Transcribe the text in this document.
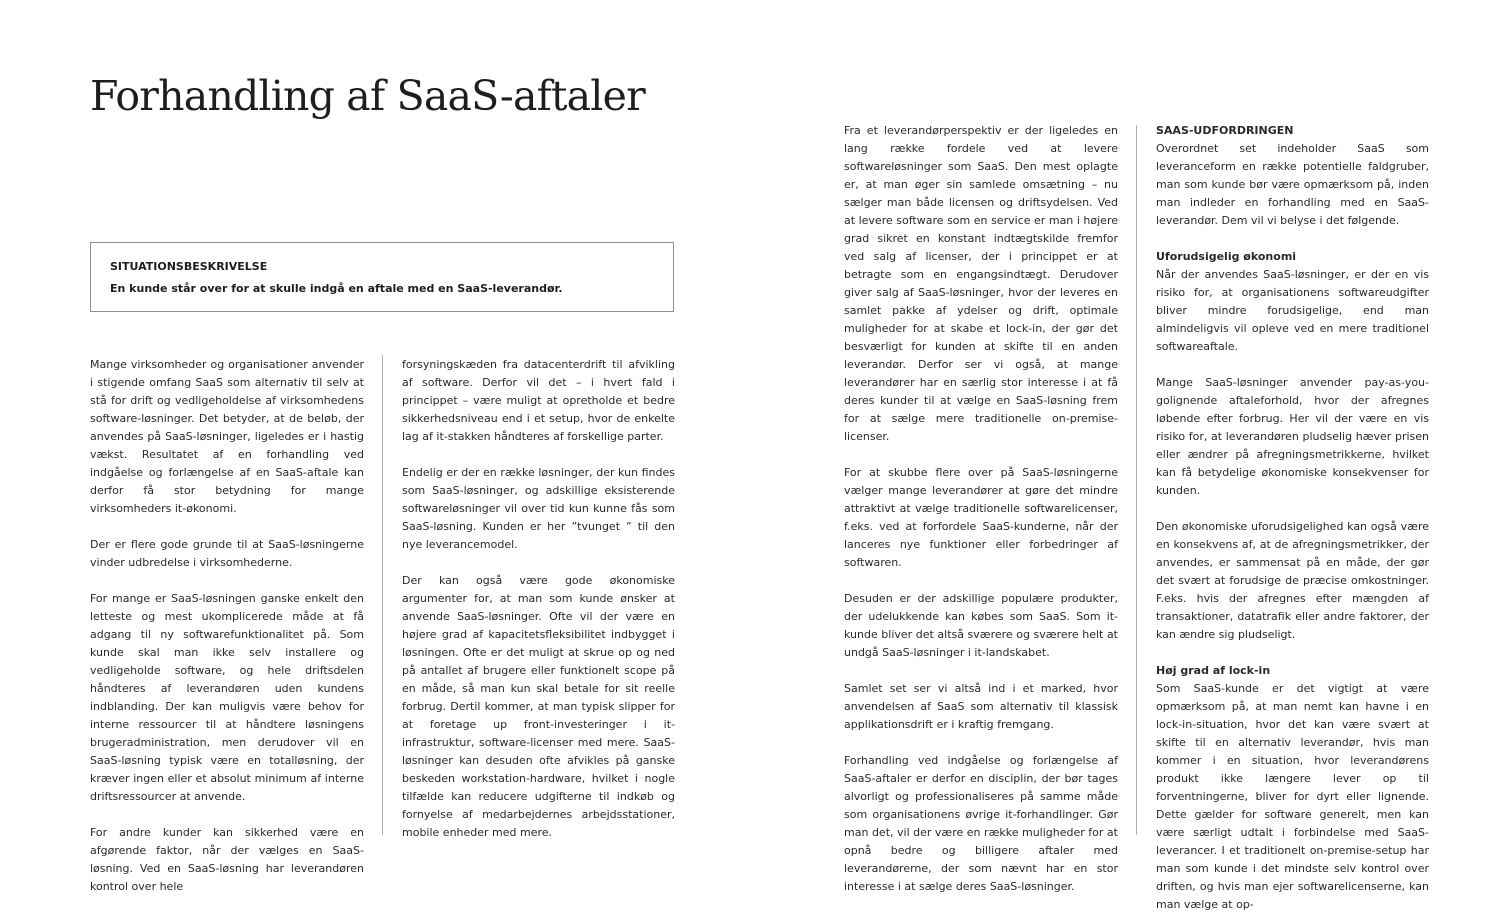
Forhandling af SaaS-aftaler
SITUATIONSBESKRIVELSE
En kunde står over for at skulle indgå en aftale med en SaaS-leverandør.

Mange virksomheder og organisationer anvender i stigende omfang SaaS som alternativ til selv at stå for drift og vedligeholdelse af virksomhedens software-løsninger. Det betyder, at de beløb, der anvendes på SaaS-løsninger, ligeledes er i hastig vækst. Resultatet af en forhandling ved indgåelse og forlængelse af en SaaS-aftale kan derfor få stor betydning for mange virksomheders it-økonomi.

Der er flere gode grunde til at SaaS-løsningerne vinder udbredelse i virksomhederne.

For mange er SaaS-løsningen ganske enkelt den letteste og mest ukomplicerede måde at få adgang til ny softwarefunktionalitet på. Som kunde skal man ikke selv installere og vedligeholde software, og hele driftsdelen håndteres af leverandøren uden kundens indblanding. Der kan muligvis være behov for interne ressourcer til at håndtere løsningens brugeradministration, men derudover vil en SaaS-løsning typisk være en totalløsning, der kræver ingen eller et absolut minimum af interne driftsressourcer at anvende.

For andre kunder kan sikkerhed være en afgørende faktor, når der vælges en SaaS-løsning. Ved en SaaS-løsning har leverandøren kontrol over hele

forsyningskæden fra datacenterdrift til afvikling af software. Derfor vil det – i hvert fald i princippet – være muligt at opretholde et bedre sikkerhedsniveau end i et setup, hvor de enkelte lag af it-stakken håndteres af forskellige parter.

Endelig er der en række løsninger, der kun findes som SaaS-løsninger, og adskillige eksisterende softwareløsninger vil over tid kun kunne fås som SaaS-løsning. Kunden er her ”tvunget ” til den nye leverancemodel.

Der kan også være gode økonomiske argumenter for, at man som kunde ønsker at anvende SaaS-løsninger. Ofte vil der være en højere grad af kapacitetsfleksibilitet indbygget i løsningen. Ofte er det muligt at skrue op og ned på antallet af brugere eller funktionelt scope på en måde, så man kun skal betale for sit reelle forbrug. Dertil kommer, at man typisk slipper for at foretage up front-investeringer i it-infrastruktur, software-licenser med mere. SaaS-løsninger kan desuden ofte afvikles på ganske beskeden workstation-hardware, hvilket i nogle tilfælde kan reducere udgifterne til indkøb og fornyelse af medarbejdernes arbejdsstationer, mobile enheder med mere.

Fra et leverandørperspektiv er der ligeledes en lang række fordele ved at levere softwareløsninger som SaaS. Den mest oplagte er, at man øger sin samlede omsætning – nu sælger man både licensen og driftsydelsen. Ved at levere software som en service er man i højere grad sikret en konstant indtægtskilde fremfor ved salg af licenser, der i princippet er at betragte som en engangsindtægt. Derudover giver salg af SaaS-løsninger, hvor der leveres en samlet pakke af ydelser og drift, optimale muligheder for at skabe et lock-in, der gør det besværligt for kunden at skifte til en anden leverandør. Derfor ser vi også, at mange leverandører har en særlig stor interesse i at få deres kunder til at vælge en SaaS-løsning frem for at sælge mere traditionelle on-premise-licenser.

For at skubbe flere over på SaaS-løsningerne vælger mange leverandører at gøre det mindre attraktivt at vælge traditionelle softwarelicenser, f.eks. ved at forfordele SaaS-kunderne, når der lanceres nye funktioner eller forbedringer af softwaren.

Desuden er der adskillige populære produkter, der udelukkende kan købes som SaaS. Som it-kunde bliver det altså sværere og sværere helt at undgå SaaS-løsninger i it-landskabet.

Samlet set ser vi altså ind i et marked, hvor anvendelsen af SaaS som alternativ til klassisk applikationsdrift er i kraftig fremgang.

Forhandling ved indgåelse og forlængelse af SaaS-aftaler er derfor en disciplin, der bør tages alvorligt og professionaliseres på samme måde som organisationens øvrige it-forhandlinger. Gør man det, vil der være en række muligheder for at opnå bedre og billigere aftaler med leverandørerne, der som nævnt har en stor interesse i at sælge deres SaaS-løsninger.

SAAS-UDFORDRINGEN
Overordnet set indeholder SaaS som leveranceform en række potentielle faldgruber, man som kunde bør være opmærksom på, inden man indleder en forhandling med en SaaS-leverandør. Dem vil vi belyse i det følgende.

Uforudsigelig økonomi
Når der anvendes SaaS-løsninger, er der en vis risiko for, at organisationens softwareudgifter bliver mindre forudsigelige, end man almindeligvis vil opleve ved en mere traditionel softwareaftale.

Mange SaaS-løsninger anvender pay-as-you-golignende aftaleforhold, hvor der afregnes løbende efter forbrug. Her vil der være en vis risiko for, at leverandøren pludselig hæver prisen eller ændrer på afregningsmetrikkerne, hvilket kan få betydelige økonomiske konsekvenser for kunden.

Den økonomiske uforudsigelighed kan også være en konsekvens af, at de afregningsmetrikker, der anvendes, er sammensat på en måde, der gør det svært at forudsige de præcise omkostninger. F.eks. hvis der afregnes efter mængden af transaktioner, datatrafik eller andre faktorer, der kan ændre sig pludseligt.

Høj grad af lock-in
Som SaaS-kunde er det vigtigt at være opmærksom på, at man nemt kan havne i en lock-in-situation, hvor det kan være svært at skifte til en alternativ leverandør, hvis man kommer i en situation, hvor leverandørens produkt ikke længere lever op til forventningerne, bliver for dyrt eller lignende. Dette gælder for software generelt, men kan være særligt udtalt i forbindelse med SaaS-leverancer. I et traditionelt on-premise-setup har man som kunde i det mindste selv kontrol over driften, og hvis man ejer softwarelicenserne, kan man vælge at op-
